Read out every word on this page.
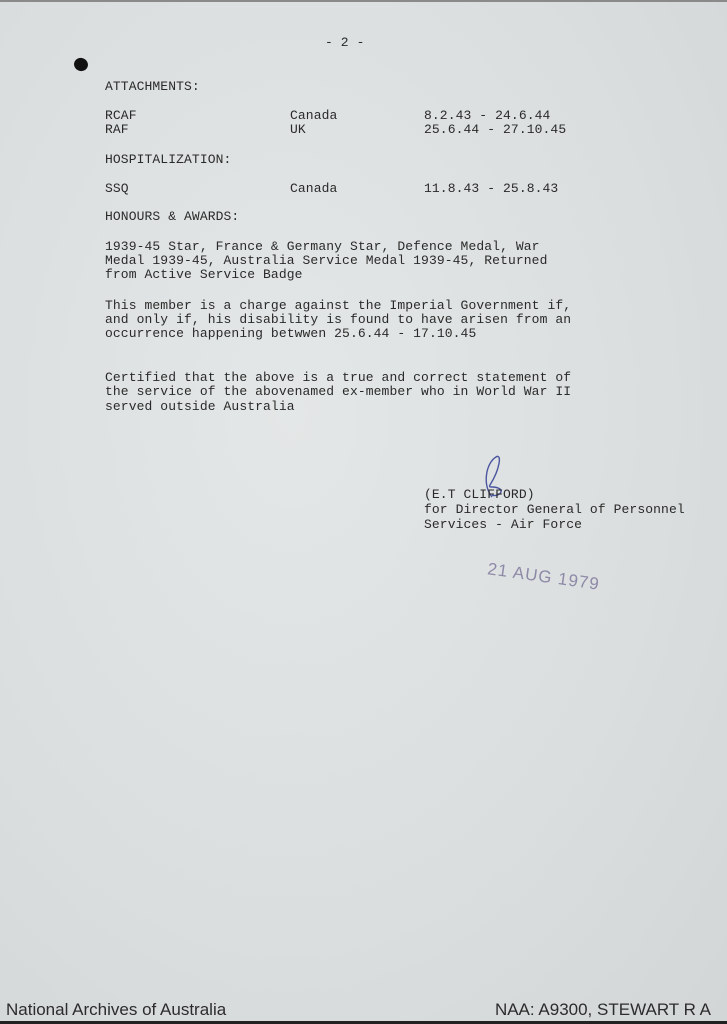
- 2 -
ATTACHMENTS:
RCAF	Canada	8.2.43 - 24.6.44
RAF	UK	25.6.44 - 27.10.45
HOSPITALIZATION:
SSQ	Canada	11.8.43 - 25.8.43
HONOURS & AWARDS:
1939-45 Star, France & Germany Star, Defence Medal, War
Medal 1939-45, Australia Service Medal 1939-45, Returned
from Active Service Badge
This member is a charge against the Imperial Government if,
and only if, his disability is found to have arisen from an
occurrence happening betwwen 25.6.44 - 17.10.45
Certified that the above is a true and correct statement of
the service of the abovenamed ex-member who in World War II
served outside Australia
(E.T CLIFFORD)
for Director General of Personnel
Services - Air Force
21 AUG 1979
National Archives of Australia	NAA: A9300, STEWART R A
